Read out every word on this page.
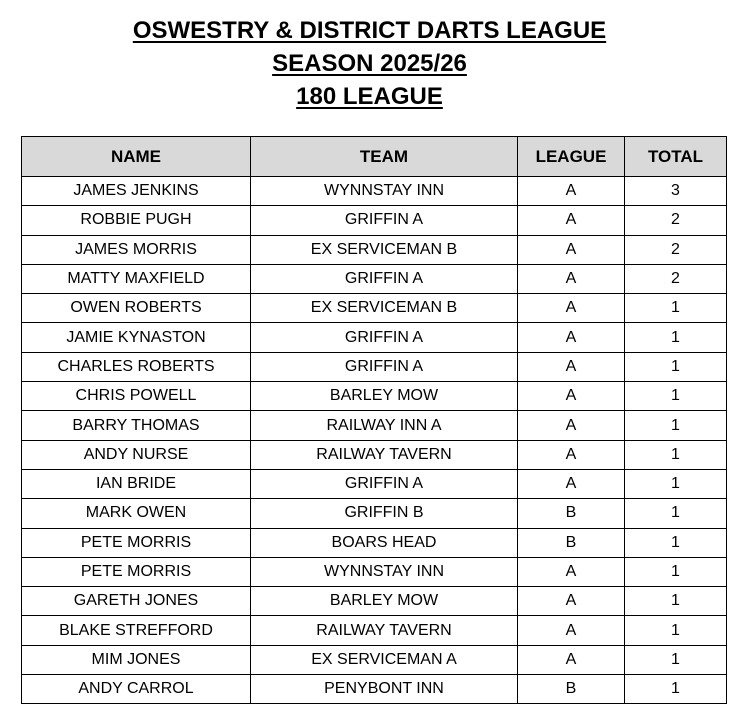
OSWESTRY & DISTRICT DARTS LEAGUE

SEASON 2025/26

180 LEAGUE

NAME	TEAM	LEAGUE	TOTAL
JAMES JENKINS	WYNNSTAY INN	A	3
ROBBIE PUGH	GRIFFIN A	A	2
JAMES MORRIS	EX SERVICEMAN B	A	2
MATTY MAXFIELD	GRIFFIN A	A	2
OWEN ROBERTS	EX SERVICEMAN B	A	1
JAMIE KYNASTON	GRIFFIN A	A	1
CHARLES ROBERTS	GRIFFIN A	A	1
CHRIS POWELL	BARLEY MOW	A	1
BARRY THOMAS	RAILWAY INN A	A	1
ANDY NURSE	RAILWAY TAVERN	A	1
IAN BRIDE	GRIFFIN A	A	1
MARK OWEN	GRIFFIN B	B	1
PETE MORRIS	BOARS HEAD	B	1
PETE MORRIS	WYNNSTAY INN	A	1
GARETH JONES	BARLEY MOW	A	1
BLAKE STREFFORD	RAILWAY TAVERN	A	1
MIM JONES	EX SERVICEMAN A	A	1
ANDY CARROL	PENYBONT INN	B	1
